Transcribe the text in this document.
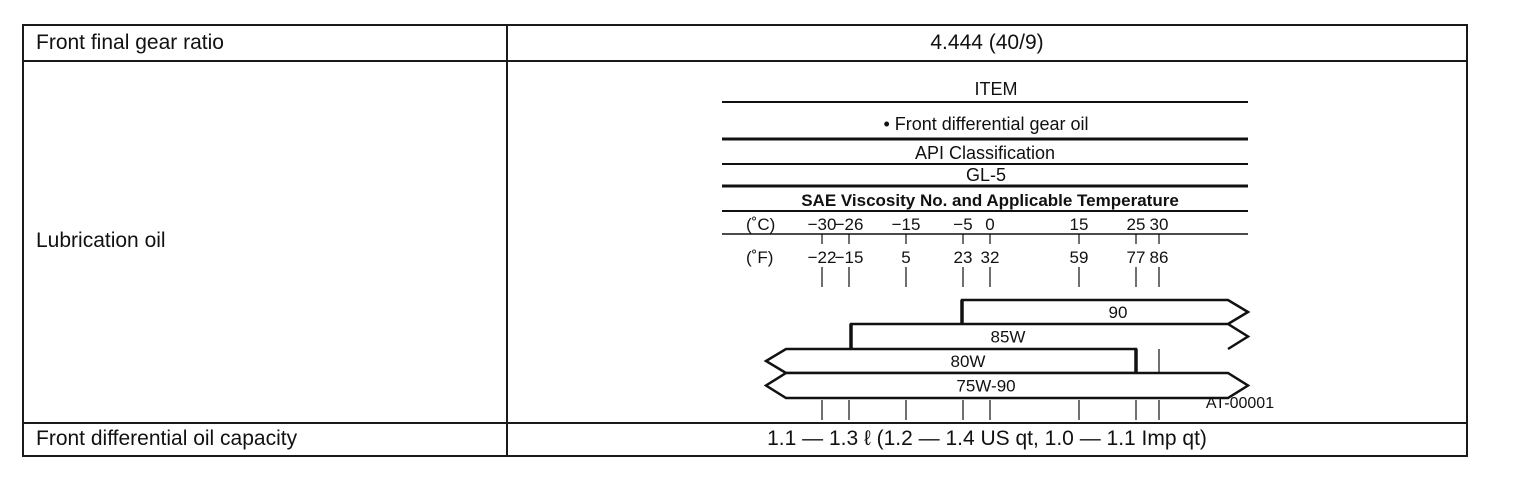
Front final gear ratio	4.444 (40/9)
Lubrication oil
Front differential oil capacity	1.1 — 1.3 ℓ (1.2 — 1.4 US qt, 1.0 — 1.1 Imp qt)
ITEM
• Front differential gear oil
API Classification
GL-5
SAE Viscosity No. and Applicable Temperature
(˚C)
(˚F)
−30
−22
−26
−15
−15
5
−5
23
0
32
15
59
25
77
30
86
90
85W
80W
75W-90
AT-00001
